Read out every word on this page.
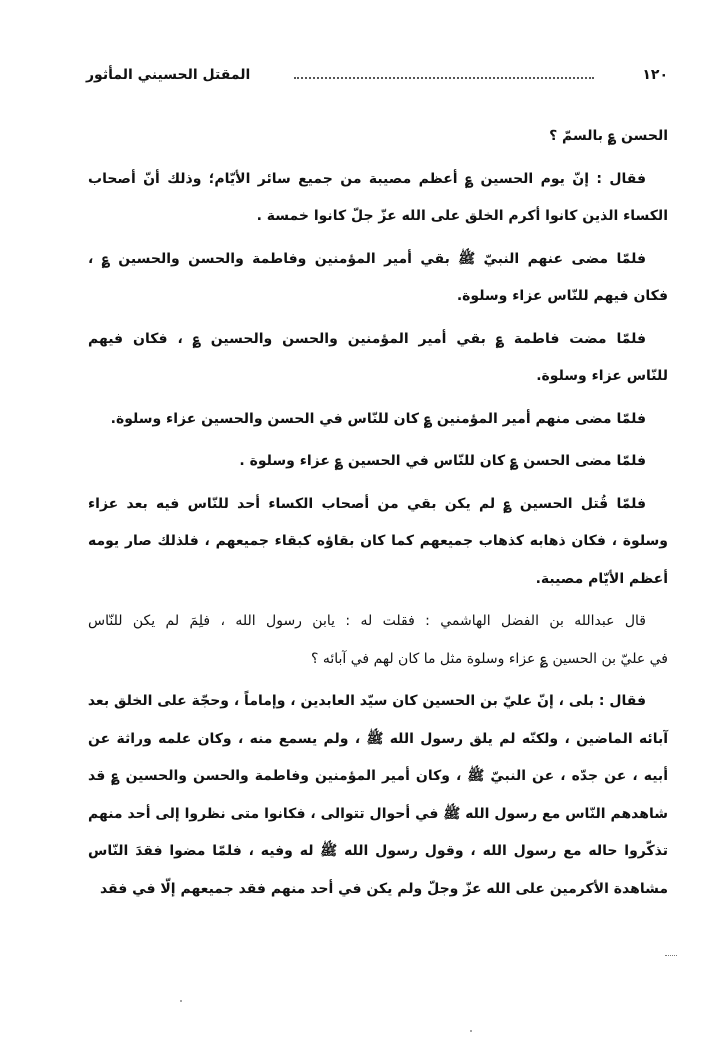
١٢٠
المقتل الحسيني المأثور
الحسن ؏ بالسمّ ؟
فقال : إنّ يوم الحسين ؏ أعظم مصيبة من جميع سائر الأيّام؛ وذلك أنّ أصحاب
الكساء الذين كانوا أكرم الخلق على الله عزّ جلّ كانوا خمسة .
فلمّا مضى عنهم النبيّ ﷺ بقي أمير المؤمنين وفاطمة والحسن والحسين ؏ ،
فكان فيهم للنّاس عزاء وسلوة.
فلمّا مضت فاطمة ؏ بقي أمير المؤمنين والحسن والحسين ؏ ، فكان فيهم
للنّاس عزاء وسلوة.
فلمّا مضى منهم أمير المؤمنين ؏ كان للنّاس في الحسن والحسين عزاء وسلوة.
فلمّا مضى الحسن ؏ كان للنّاس في الحسين ؏ عزاء وسلوة .
فلمّا قُتل الحسين ؏ لم يكن بقي من أصحاب الكساء أحد للنّاس فيه بعد عزاء
وسلوة ، فكان ذهابه كذهاب جميعهم كما كان بقاؤه كبقاء جميعهم ، فلذلك صار يومه
أعظم الأيّام مصيبة.
قال عبدالله بن الفضل الهاشمي : فقلت له : يابن رسول الله ، فلِمَ لم يكن للنّاس
في عليّ بن الحسين ؏ عزاء وسلوة مثل ما كان لهم في آبائه ؟
فقال : بلى ، إنّ عليّ بن الحسين كان سيّد العابدين ، وإماماً ، وحجّة على الخلق بعد
آبائه الماضين ، ولكنّه لم يلق رسول الله ﷺ ، ولم يسمع منه ، وكان علمه وراثة عن
أبيه ، عن جدّه ، عن النبيّ ﷺ ، وكان أمير المؤمنين وفاطمة والحسن والحسين ؏ قد
شاهدهم النّاس مع رسول الله ﷺ في أحوال تتوالى ، فكانوا متى نظروا إلى أحد منهم
تذكّروا حاله مع رسول الله ، وقول رسول الله ﷺ له وفيه ، فلمّا مضوا فقدَ النّاس
مشاهدة الأكرمين على الله عزّ وجلّ ولم يكن في أحد منهم فقد جميعهم إلّا في فقد
